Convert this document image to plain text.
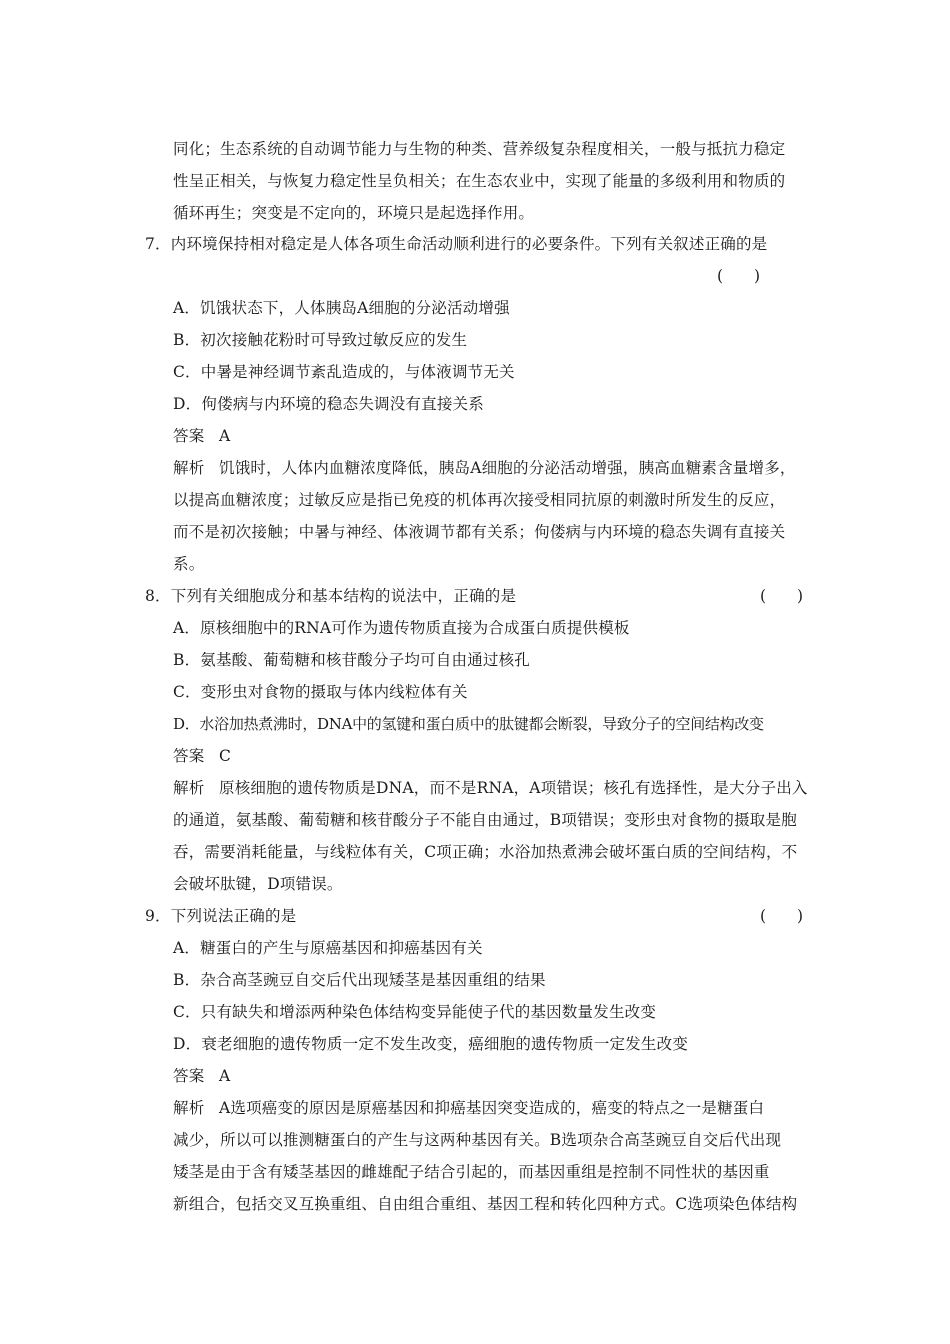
同化；生态系统的自动调节能力与生物的种类、营养级复杂程度相关，一般与抵抗力稳定
性呈正相关，与恢复力稳定性呈负相关；在生态农业中，实现了能量的多级利用和物质的
循环再生；突变是不定向的，环境只是起选择作用。
7．内环境保持相对稳定是人体各项生命活动顺利进行的必要条件。下列有关叙述正确的是
(　　)
A．饥饿状态下，人体胰岛A细胞的分泌活动增强
B．初次接触花粉时可导致过敏反应的发生
C．中暑是神经调节紊乱造成的，与体液调节无关
D．佝偻病与内环境的稳态失调没有直接关系
答案 A
解析 饥饿时，人体内血糖浓度降低，胰岛A细胞的分泌活动增强，胰高血糖素含量增多，
以提高血糖浓度；过敏反应是指已免疫的机体再次接受相同抗原的刺激时所发生的反应，
而不是初次接触；中暑与神经、体液调节都有关系；佝偻病与内环境的稳态失调有直接关
系。
8．下列有关细胞成分和基本结构的说法中，正确的是	(　　)
A．原核细胞中的RNA可作为遗传物质直接为合成蛋白质提供模板
B．氨基酸、葡萄糖和核苷酸分子均可自由通过核孔
C．变形虫对食物的摄取与体内线粒体有关
D．水浴加热煮沸时，DNA中的氢键和蛋白质中的肽键都会断裂，导致分子的空间结构改变
答案 C
解析 原核细胞的遗传物质是DNA，而不是RNA，A项错误；核孔有选择性，是大分子出入
的通道，氨基酸、葡萄糖和核苷酸分子不能自由通过，B项错误；变形虫对食物的摄取是胞
吞，需要消耗能量，与线粒体有关，C项正确；水浴加热煮沸会破坏蛋白质的空间结构，不
会破坏肽键，D项错误。
9．下列说法正确的是	(　　)
A．糖蛋白的产生与原癌基因和抑癌基因有关
B．杂合高茎豌豆自交后代出现矮茎是基因重组的结果
C．只有缺失和增添两种染色体结构变异能使子代的基因数量发生改变
D．衰老细胞的遗传物质一定不发生改变，癌细胞的遗传物质一定发生改变
答案 A
解析 A选项癌变的原因是原癌基因和抑癌基因突变造成的，癌变的特点之一是糖蛋白
减少，所以可以推测糖蛋白的产生与这两种基因有关。B选项杂合高茎豌豆自交后代出现
矮茎是由于含有矮茎基因的雌雄配子结合引起的，而基因重组是控制不同性状的基因重
新组合，包括交叉互换重组、自由组合重组、基因工程和转化四种方式。C选项染色体结构
